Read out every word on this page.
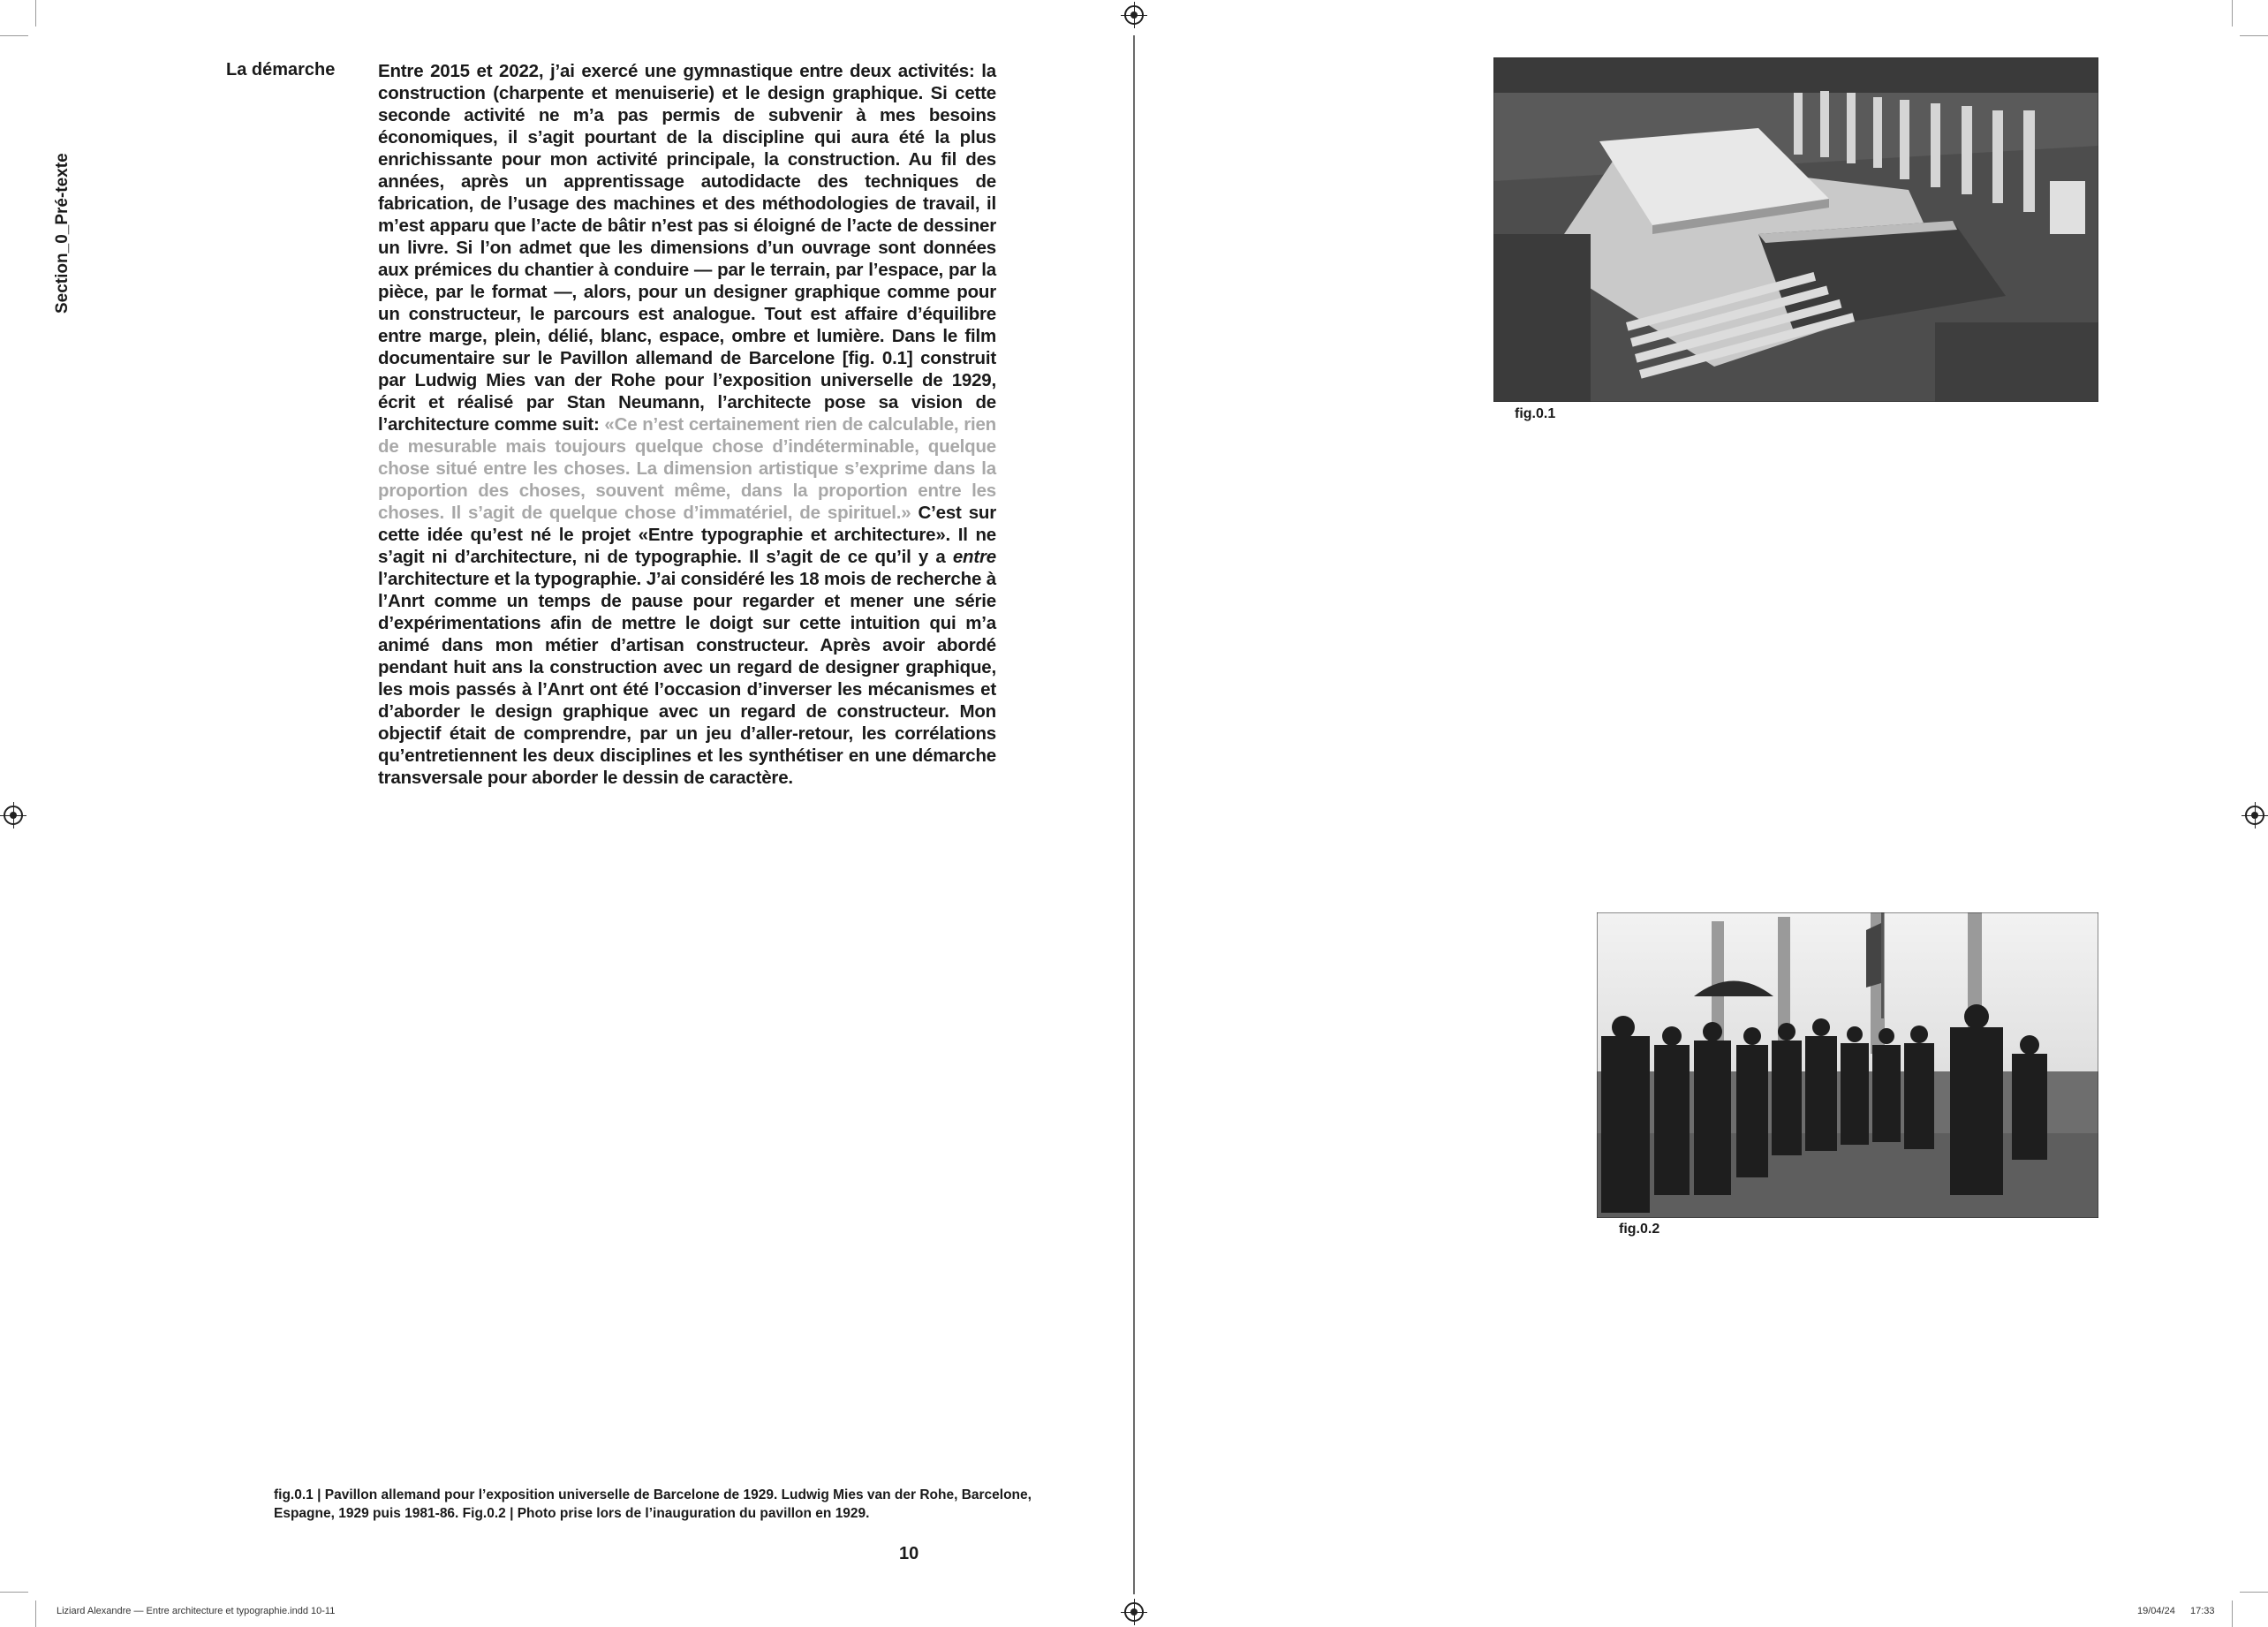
Section_0_Pré-texte
La démarche Entre 2015 et 2022, j’ai exercé une gymnastique entre deux activités: la construction (charpente et menuiserie) et le design graphique. Si cette seconde activité ne m’a pas permis de subvenir à mes besoins économiques, il s’agit pourtant de la discipline qui aura été la plus enrichissante pour mon activité principale, la construction. Au fil des années, après un apprentissage autodidacte des techniques de fabrication, de l’usage des machines et des méthodologies de travail, il m’est apparu que l’acte de bâtir n’est pas si éloigné de l’acte de dessiner un livre. Si l’on admet que les dimensions d’un ouvrage sont données aux prémices du chantier à conduire — par le terrain, par l’espace, par la pièce, par le format —, alors, pour un designer graphique comme pour un constructeur, le parcours est analogue. Tout est affaire d’équilibre entre marge, plein, délié, blanc, espace, ombre et lumière. Dans le film documentaire sur le Pavillon allemand de Barcelone [fig. 0.1] construit par Ludwig Mies van der Rohe pour l’exposition universelle de 1929, écrit et réalisé par Stan Neumann, l’architecte pose sa vision de l’architecture comme suit: «Ce n’est certainement rien de calculable, rien de mesurable mais toujours quelque chose d’indéterminable, quelque chose situé entre les choses. La dimension artistique s’exprime dans la proportion des choses, souvent même, dans la proportion entre les choses. Il s’agit de quelque chose d’immatériel, de spirituel.» C’est sur cette idée qu’est né le projet «Entre typographie et architecture». Il ne s’agit ni d’architecture, ni de typographie. Il s’agit de ce qu’il y a entre l’architecture et la typographie. J’ai considéré les 18 mois de recherche à l’Anrt comme un temps de pause pour regarder et mener une série d’expérimentations afin de mettre le doigt sur cette intuition qui m’a animé dans mon métier d’artisan constructeur. Après avoir abordé pendant huit ans la construction avec un regard de designer graphique, les mois passés à l’Anrt ont été l’occasion d’inverser les mécanismes et d’aborder le design graphique avec un regard de constructeur. Mon objectif était de comprendre, par un jeu d’aller-retour, les corrélations qu’entretiennent les deux disciplines et les synthétiser en une démarche transversale pour aborder le dessin de caractère.
fig.0.1 | Pavillon allemand pour l’exposition universelle de Barcelone de 1929. Ludwig Mies van der Rohe, Barcelone, Espagne, 1929 puis 1981-86. Fig.0.2 | Photo prise lors de l’inauguration du pavillon en 1929.
10
Liziard Alexandre — Entre architecture et typographie.indd 10-11	19/04/24 17:33
fig.0.1
fig.0.2
